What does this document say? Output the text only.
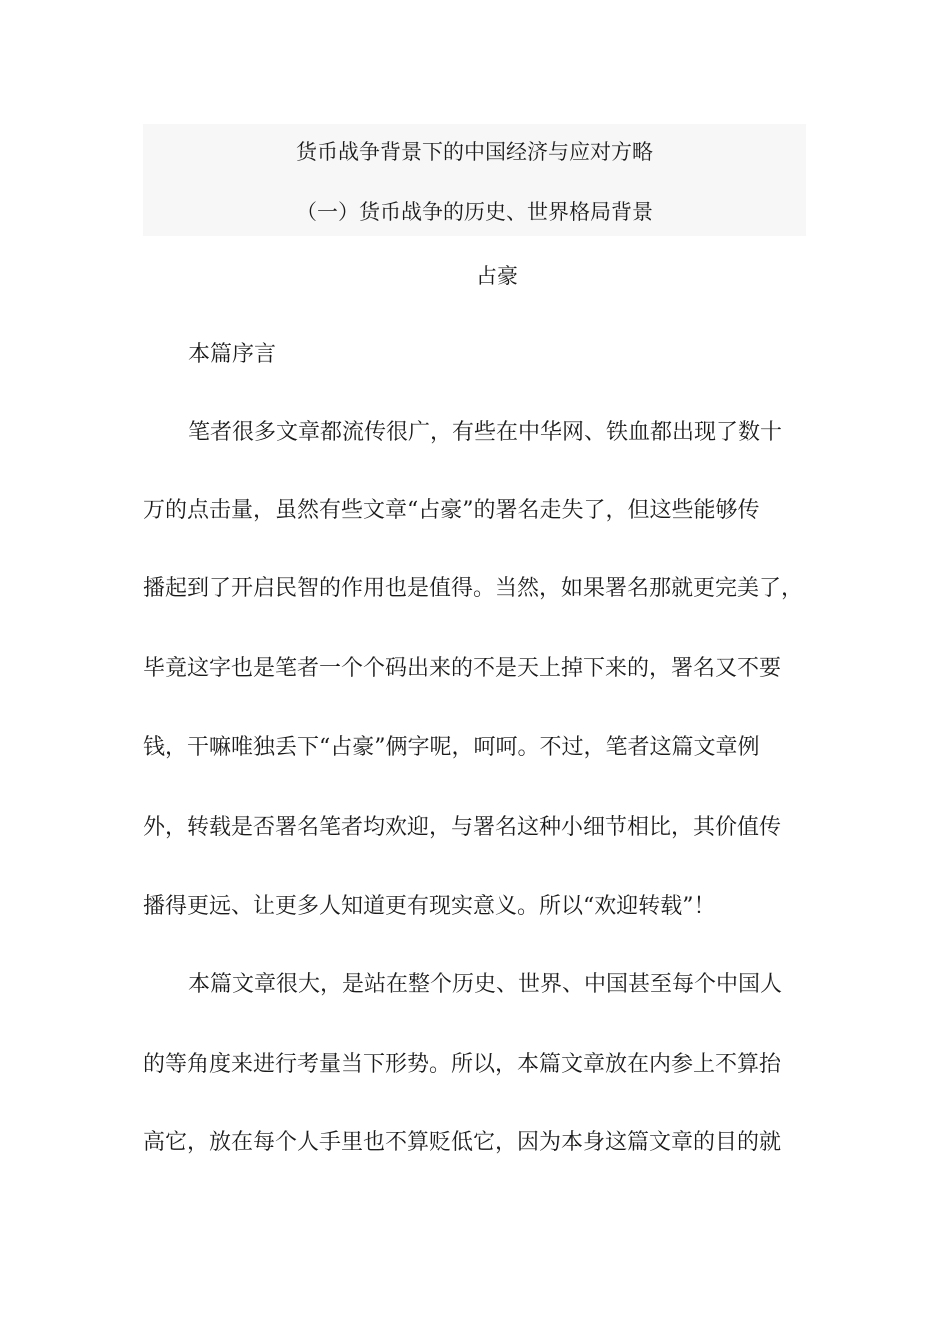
货币战争背景下的中国经济与应对方略
（一）货币战争的历史、世界格局背景
占豪
本篇序言
笔者很多文章都流传很广，有些在中华网、铁血都出现了数十
万的点击量，虽然有些文章“占豪”的署名走失了，但这些能够传
播起到了开启民智的作用也是值得。当然，如果署名那就更完美了，
毕竟这字也是笔者一个个码出来的不是天上掉下来的，署名又不要
钱，干嘛唯独丢下“占豪”俩字呢，呵呵。不过，笔者这篇文章例
外，转载是否署名笔者均欢迎，与署名这种小细节相比，其价值传
播得更远、让更多人知道更有现实意义。所以“欢迎转载”！
本篇文章很大，是站在整个历史、世界、中国甚至每个中国人
的等角度来进行考量当下形势。所以，本篇文章放在内参上不算抬
高它，放在每个人手里也不算贬低它，因为本身这篇文章的目的就
